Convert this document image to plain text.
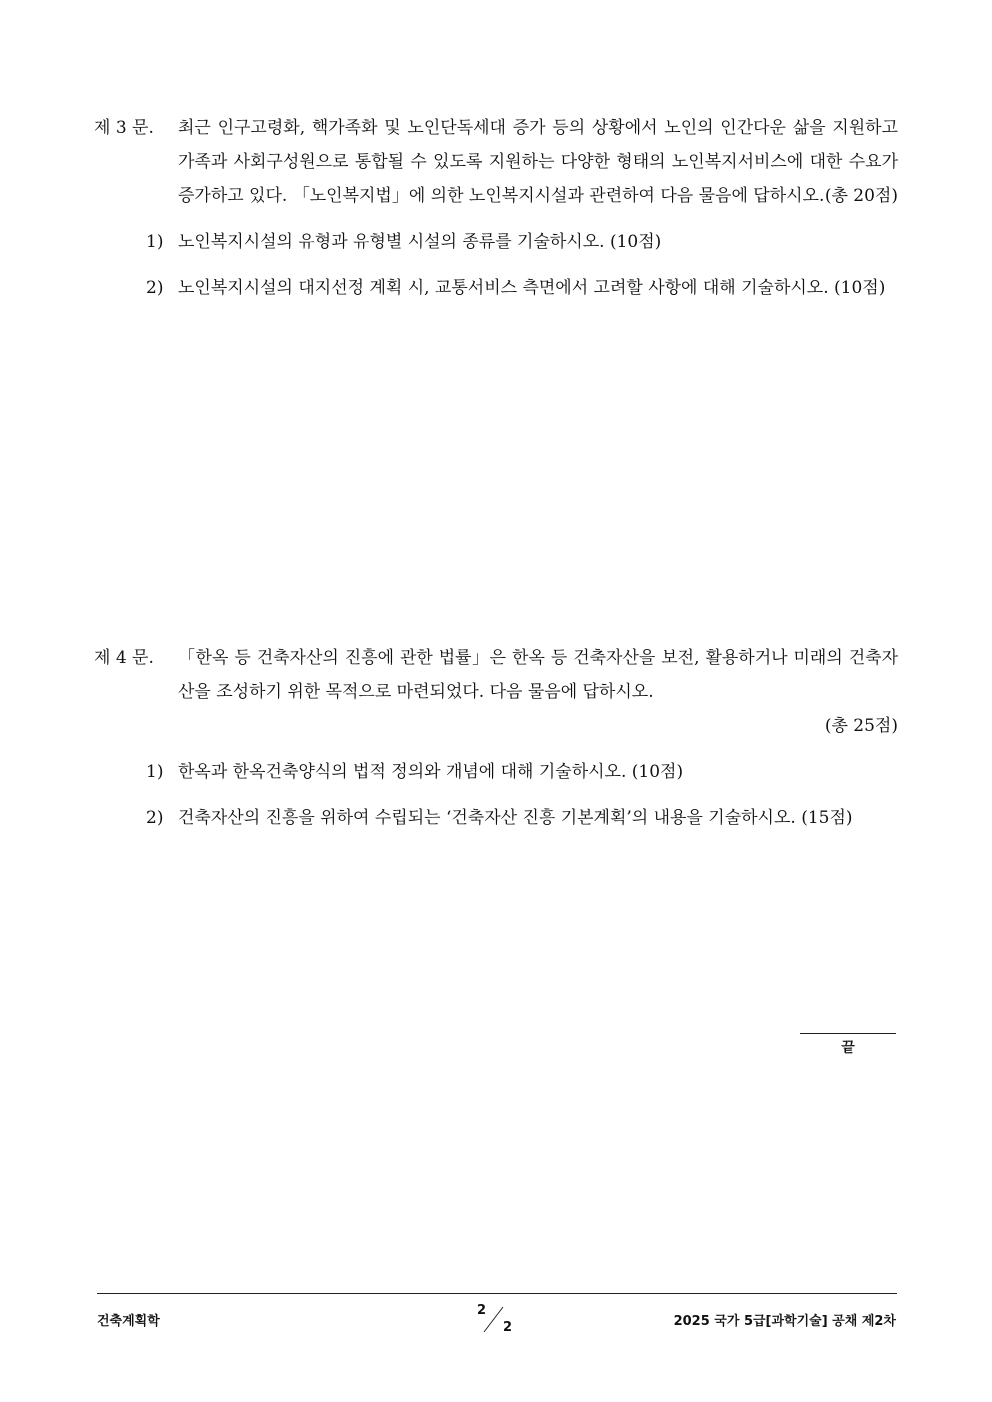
제 3 문.	최근 인구고령화, 핵가족화 및 노인단독세대 증가 등의 상황에서 노인의 인간다운 삶을 지원하고 가족과 사회구성원으로 통합될 수 있도록 지원하는 다양한 형태의 노인복지서비스에 대한 수요가 증가하고 있다. 「노인복지법」에 의한 노인복지시설과 관련하여 다음 물음에 답하시오. (총 20점)
1) 노인복지시설의 유형과 유형별 시설의 종류를 기술하시오. (10점)
2) 노인복지시설의 대지선정 계획 시, 교통서비스 측면에서 고려할 사항에 대해 기술하시오. (10점)
제 4 문.	「한옥 등 건축자산의 진흥에 관한 법률」은 한옥 등 건축자산을 보전, 활용하거나 미래의 건축자산을 조성하기 위한 목적으로 마련되었다. 다음 물음에 답하시오.
(총 25점)
1) 한옥과 한옥건축양식의 법적 정의와 개념에 대해 기술하시오. (10점)
2) 건축자산의 진흥을 위하여 수립되는 ‘건축자산 진흥 기본계획’의 내용을 기술하시오. (15점)
끝
건축계획학
2
2	2025 국가 5급[과학기술] 공채 제2차
